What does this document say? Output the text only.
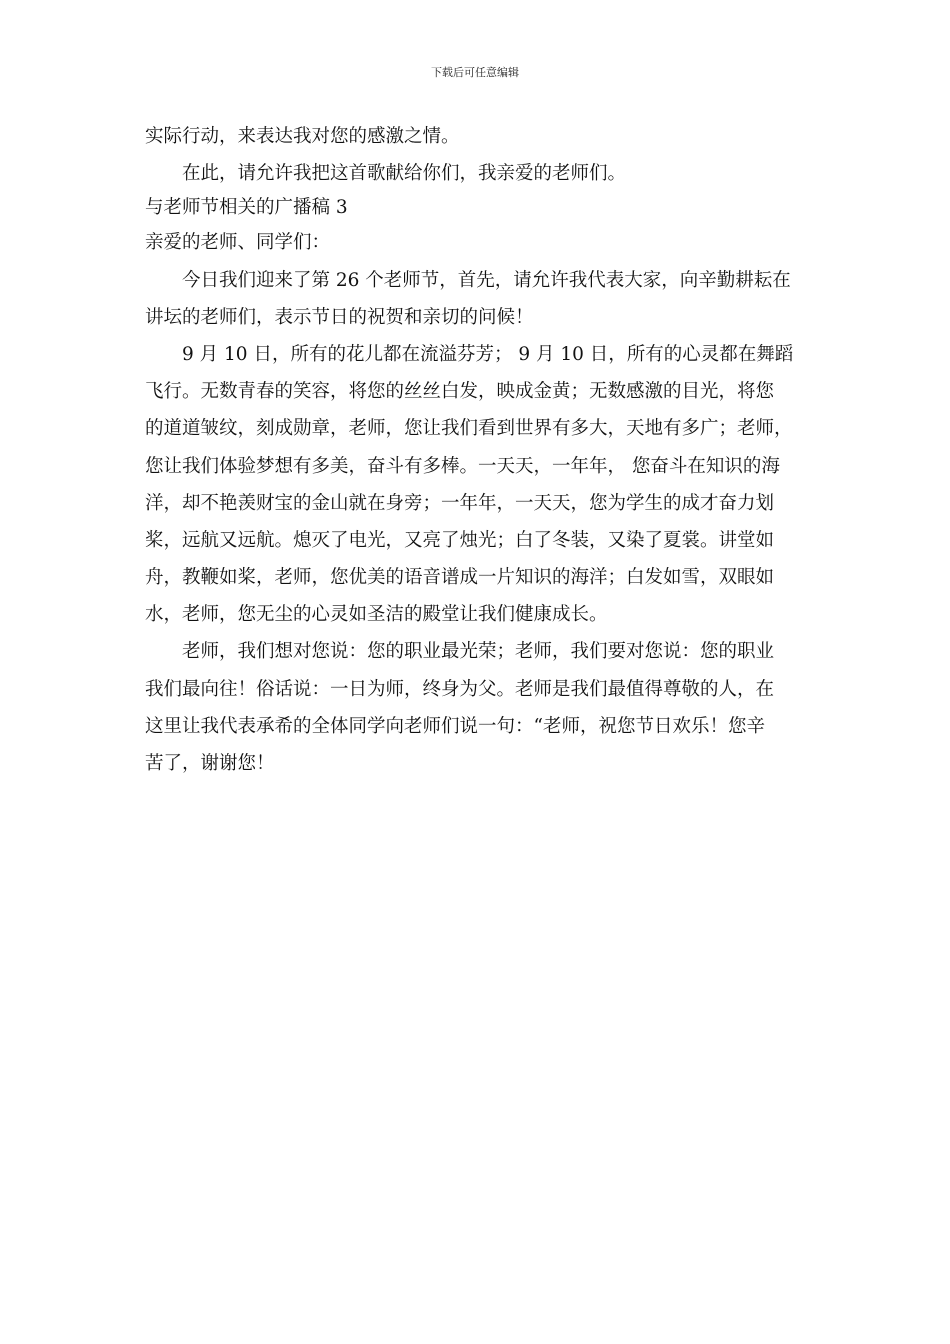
下载后可任意编辑
实际行动，来表达我对您的感激之情。
在此，请允许我把这首歌献给你们，我亲爱的老师们。
与老师节相关的广播稿 3
亲爱的老师、同学们：
今日我们迎来了第 26 个老师节，首先，请允许我代表大家，向辛勤耕耘在
讲坛的老师们，表示节日的祝贺和亲切的问候！
9 月 10 日，所有的花儿都在流溢芬芳； 9 月 10 日，所有的心灵都在舞蹈
飞行。无数青春的笑容，将您的丝丝白发，映成金黄；无数感激的目光，将您
的道道皱纹，刻成勋章，老师，您让我们看到世界有多大，天地有多广；老师，
您让我们体验梦想有多美，奋斗有多棒。一天天，一年年， 您奋斗在知识的海
洋，却不艳羡财宝的金山就在身旁；一年年，一天天，您为学生的成才奋力划
桨，远航又远航。熄灭了电光，又亮了烛光；白了冬装，又染了夏裳。讲堂如
舟，教鞭如桨，老师，您优美的语音谱成一片知识的海洋；白发如雪，双眼如
水，老师，您无尘的心灵如圣洁的殿堂让我们健康成长。
老师，我们想对您说：您的职业最光荣；老师，我们要对您说：您的职业
我们最向往！俗话说：一日为师，终身为父。老师是我们最值得尊敬的人，在
这里让我代表承希的全体同学向老师们说一句：“老师，祝您节日欢乐！您辛
苦了，谢谢您！
